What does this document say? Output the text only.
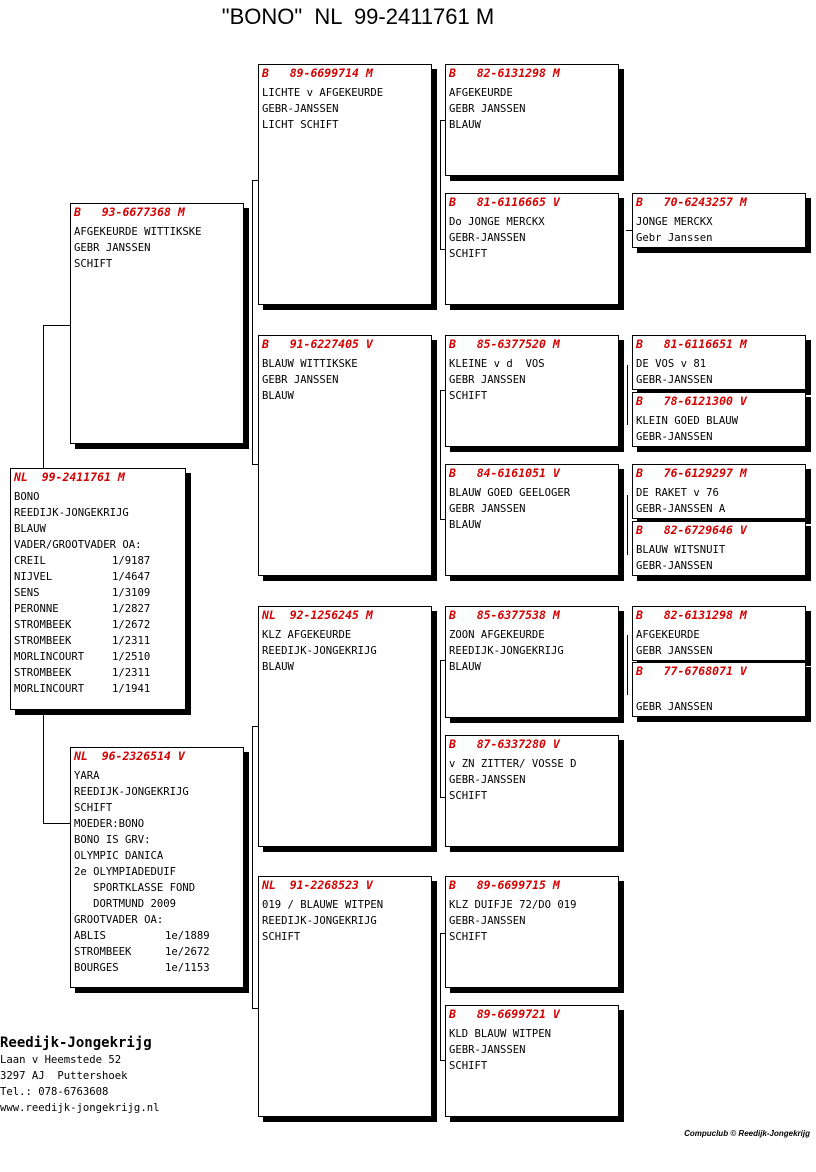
"BONO"  NL  99-2411761 M
B   93-6677368 M
AFGEKEURDE WITTIKSKE
GEBR JANSSEN
SCHIFT
NL  99-2411761 M
BONO
REEDIJK-JONGEKRIJG
BLAUW
VADER/GROOTVADER OA:
CREIL	1/9187
NIJVEL	1/4647
SENS	1/3109
PERONNE	1/2827
STROMBEEK	1/2672
STROMBEEK	1/2311
MORLINCOURT	1/2510
STROMBEEK	1/2311
MORLINCOURT	1/1941
NL  96-2326514 V
YARA
REEDIJK-JONGEKRIJG
SCHIFT
MOEDER:BONO
BONO IS GRV:
OLYMPIC DANICA
2e OLYMPIADEDUIF
SPORTKLASSE FOND
DORTMUND 2009
GROOTVADER OA:
ABLIS	1e/1889
STROMBEEK	1e/2672
BOURGES	1e/1153
B   89-6699714 M
LICHTE v AFGEKEURDE
GEBR-JANSSEN
LICHT SCHIFT
B   91-6227405 V
BLAUW WITTIKSKE
GEBR JANSSEN
BLAUW
NL  92-1256245 M
KLZ AFGEKEURDE
REEDIJK-JONGEKRIJG
BLAUW
NL  91-2268523 V
019 / BLAUWE WITPEN
REEDIJK-JONGEKRIJG
SCHIFT
B   82-6131298 M
AFGEKEURDE
GEBR JANSSEN
BLAUW
B   81-6116665 V
Do JONGE MERCKX
GEBR-JANSSEN
SCHIFT
B   85-6377520 M
KLEINE v d  VOS
GEBR JANSSEN
SCHIFT
B   84-6161051 V
BLAUW GOED GEELOGER
GEBR JANSSEN
BLAUW
B   85-6377538 M
ZOON AFGEKEURDE
REEDIJK-JONGEKRIJG
BLAUW
B   87-6337280 V
v ZN ZITTER/ VOSSE D
GEBR-JANSSEN
SCHIFT
B   89-6699715 M
KLZ DUIFJE 72/DO 019
GEBR-JANSSEN
SCHIFT
B   89-6699721 V
KLD BLAUW WITPEN
GEBR-JANSSEN
SCHIFT
B   70-6243257 M
JONGE MERCKX
Gebr Janssen
B   81-6116651 M
DE VOS v 81
GEBR-JANSSEN
B   78-6121300 V
KLEIN GOED BLAUW
GEBR-JANSSEN
B   76-6129297 M
DE RAKET v 76
GEBR-JANSSEN A
B   82-6729646 V
BLAUW WITSNUIT
GEBR-JANSSEN
B   82-6131298 M
AFGEKEURDE
GEBR JANSSEN
B   77-6768071 V
GEBR JANSSEN
Reedijk-Jongekrijg
Laan v Heemstede 52
3297 AJ  Puttershoek
Tel.: 078-6763608
www.reedijk-jongekrijg.nl
Compuclub © Reedijk-Jongekrijg
